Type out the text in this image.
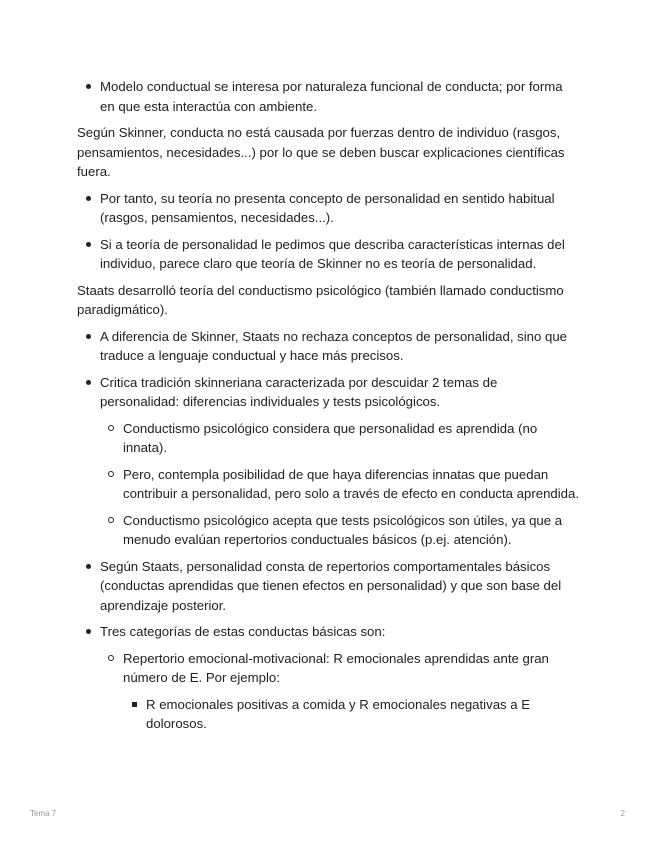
Modelo conductual se interesa por naturaleza funcional de conducta; por forma en que esta interactúa con ambiente.

Según Skinner, conducta no está causada por fuerzas dentro de individuo (rasgos, pensamientos, necesidades...) por lo que se deben buscar explicaciones científicas fuera.

Por tanto, su teoría no presenta concepto de personalidad en sentido habitual (rasgos, pensamientos, necesidades...).

Si a teoría de personalidad le pedimos que describa características internas del individuo, parece claro que teoría de Skinner no es teoría de personalidad.

Staats desarrolló teoría del conductismo psicológico (también llamado conductismo paradigmático).

A diferencia de Skinner, Staats no rechaza conceptos de personalidad, sino que traduce a lenguaje conductual y hace más precisos.

Critica tradición skinneriana caracterizada por descuidar 2 temas de personalidad: diferencias individuales y tests psicológicos.

Conductismo psicológico considera que personalidad es aprendida (no innata).

Pero, contempla posibilidad de que haya diferencias innatas que puedan contribuir a personalidad, pero solo a través de efecto en conducta aprendida.

Conductismo psicológico acepta que tests psicológicos son útiles, ya que a menudo evalúan repertorios conductuales básicos (p.ej. atención).

Según Staats, personalidad consta de repertorios comportamentales básicos (conductas aprendidas que tienen efectos en personalidad) y que son base del aprendizaje posterior.

Tres categorías de estas conductas básicas son:

Repertorio emocional-motivacional: R emocionales aprendidas ante gran número de E. Por ejemplo:

R emocionales positivas a comida y R emocionales negativas a E dolorosos.

Tema 7	2
